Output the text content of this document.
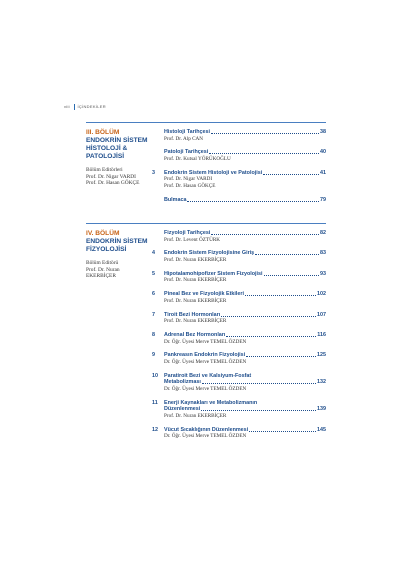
viii İÇİNDEKİLER
III. BÖLÜM
ENDOKRİN SİSTEM
HİSTOLOJİ &
PATOLOJİSİ
Bölüm Editörleri
Prof. Dr. Nigar VARDI
Prof. Dr. Hasan GÖKÇE
Histoloji Tarihçesi	38
Prof. Dr. Alp CAN
Patoloji Tarihçesi	40
Prof. Dr. Kutsal YÖRÜKOĞLU
3 Endokrin Sistem Histoloji ve Patolojisi	41
Prof. Dr. Nigar VARDI
Prof. Dr. Hasan GÖKÇE
Bulmaca	79
IV. BÖLÜM
ENDOKRİN SİSTEM
FİZYOLOJİSİ
Bölüm Editörü
Prof. Dr. Nuran
EKERBİÇER
Fizyoloji Tarihçesi	82
Prof. Dr. Levent ÖZTÜRK
4 Endokrin Sistem Fizyolojisine Giriş	83
Prof. Dr. Nuran EKERBİÇER
5 Hipotalamohipofizer Sistem Fizyolojisi	93
Prof. Dr. Nuran EKERBİÇER
6 Pineal Bez ve Fizyolojik Etkileri	102
Prof. Dr. Nuran EKERBİÇER
7 Tiroit Bezi Hormonları	107
Prof. Dr. Nuran EKERBİÇER
8 Adrenal Bez Hormonları	116
Dr. Öğr. Üyesi Merve TEMEL ÖZDEN
9 Pankreasın Endokrin Fizyolojisi	125
Dr. Öğr. Üyesi Merve TEMEL ÖZDEN
10 Paratiroit Bezi ve Kalsiyum-Fosfat
Metabolizması	132
Dr. Öğr. Üyesi Merve TEMEL ÖZDEN
11 Enerji Kaynakları ve Metabolizmanın
Düzenlenmesi	139
Prof. Dr. Nuran EKERBİÇER
12 Vücut Sıcaklığının Düzenlenmesi	145
Dr. Öğr. Üyesi Merve TEMEL ÖZDEN
